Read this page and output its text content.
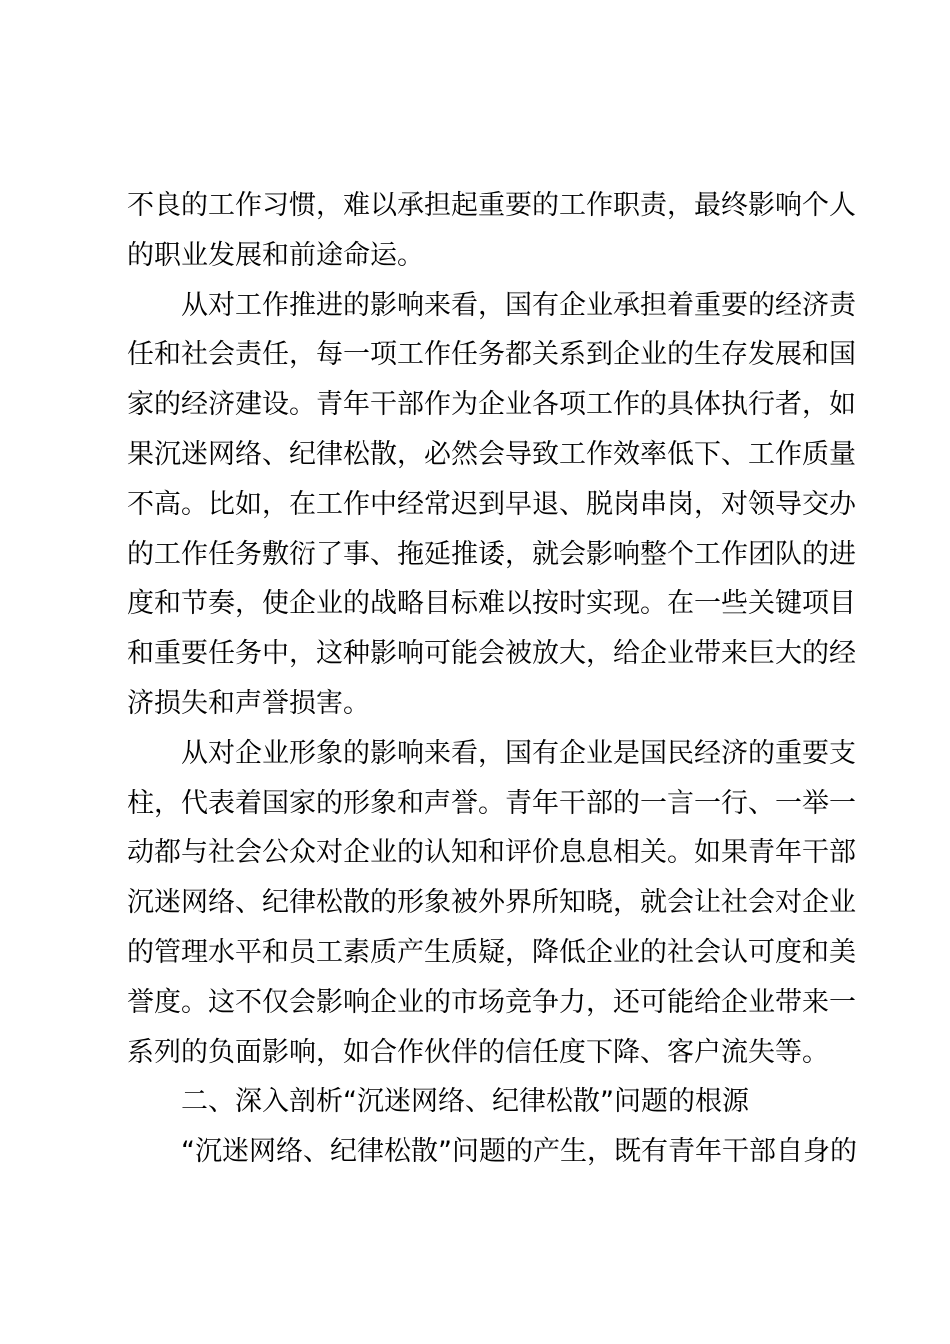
不良的工作习惯，难以承担起重要的工作职责，最终影响个人
的职业发展和前途命运。
从对工作推进的影响来看，国有企业承担着重要的经济责
任和社会责任，每一项工作任务都关系到企业的生存发展和国
家的经济建设。青年干部作为企业各项工作的具体执行者，如
果沉迷网络、纪律松散，必然会导致工作效率低下、工作质量
不高。比如，在工作中经常迟到早退、脱岗串岗，对领导交办
的工作任务敷衍了事、拖延推诿，就会影响整个工作团队的进
度和节奏，使企业的战略目标难以按时实现。在一些关键项目
和重要任务中，这种影响可能会被放大，给企业带来巨大的经
济损失和声誉损害。
从对企业形象的影响来看，国有企业是国民经济的重要支
柱，代表着国家的形象和声誉。青年干部的一言一行、一举一
动都与社会公众对企业的认知和评价息息相关。如果青年干部
沉迷网络、纪律松散的形象被外界所知晓，就会让社会对企业
的管理水平和员工素质产生质疑，降低企业的社会认可度和美
誉度。这不仅会影响企业的市场竞争力，还可能给企业带来一
系列的负面影响，如合作伙伴的信任度下降、客户流失等。
二、深入剖析“沉迷网络、纪律松散”问题的根源
“沉迷网络、纪律松散”问题的产生，既有青年干部自身的
